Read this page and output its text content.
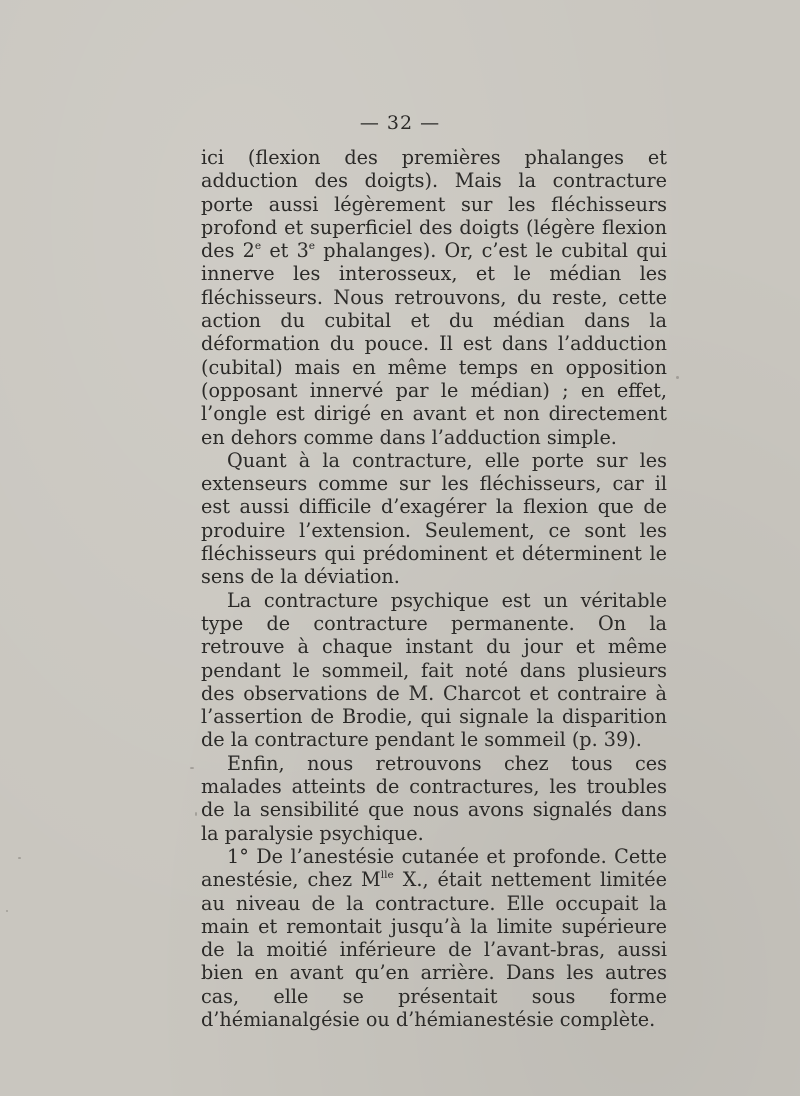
— 32 —

ici (flexion des premières phalanges et adduction des doigts). Mais la contracture porte aussi légèrement sur les fléchisseurs profond et superficiel des doigts (légère flexion des 2e et 3e phalanges). Or, c’est le cubital qui innerve les interosseux, et le médian les fléchisseurs. Nous retrouvons, du reste, cette action du cubital et du médian dans la déformation du pouce. Il est dans l’adduction (cubital) mais en même temps en opposition (opposant innervé par le médian) ; en effet, l’ongle est dirigé en avant et non directement en dehors comme dans l’adduction simple.

Quant à la contracture, elle porte sur les extenseurs comme sur les fléchisseurs, car il est aussi difficile d’exagérer la flexion que de produire l’extension. Seulement, ce sont les fléchisseurs qui prédominent et déterminent le sens de la déviation.

La contracture psychique est un véritable type de contracture permanente. On la retrouve à chaque instant du jour et même pendant le sommeil, fait noté dans plusieurs des observations de M. Charcot et contraire à l’assertion de Brodie, qui signale la disparition de la contracture pendant le sommeil (p. 39).

Enfin, nous retrouvons chez tous ces malades atteints de contractures, les troubles de la sensibilité que nous avons signalés dans la paralysie psychique.

1° De l’anestésie cutanée et profonde. Cette anestésie, chez $M^{lle}$ X., était nettement limitée au niveau de la contracture. Elle occupait la main et remontait jusqu’à la limite supérieure de la moitié inférieure de l’avant-bras, aussi bien en avant qu’en arrière. Dans les autres cas, elle se présentait sous forme d’hémianalgésie ou d’hémianestésie complète.
